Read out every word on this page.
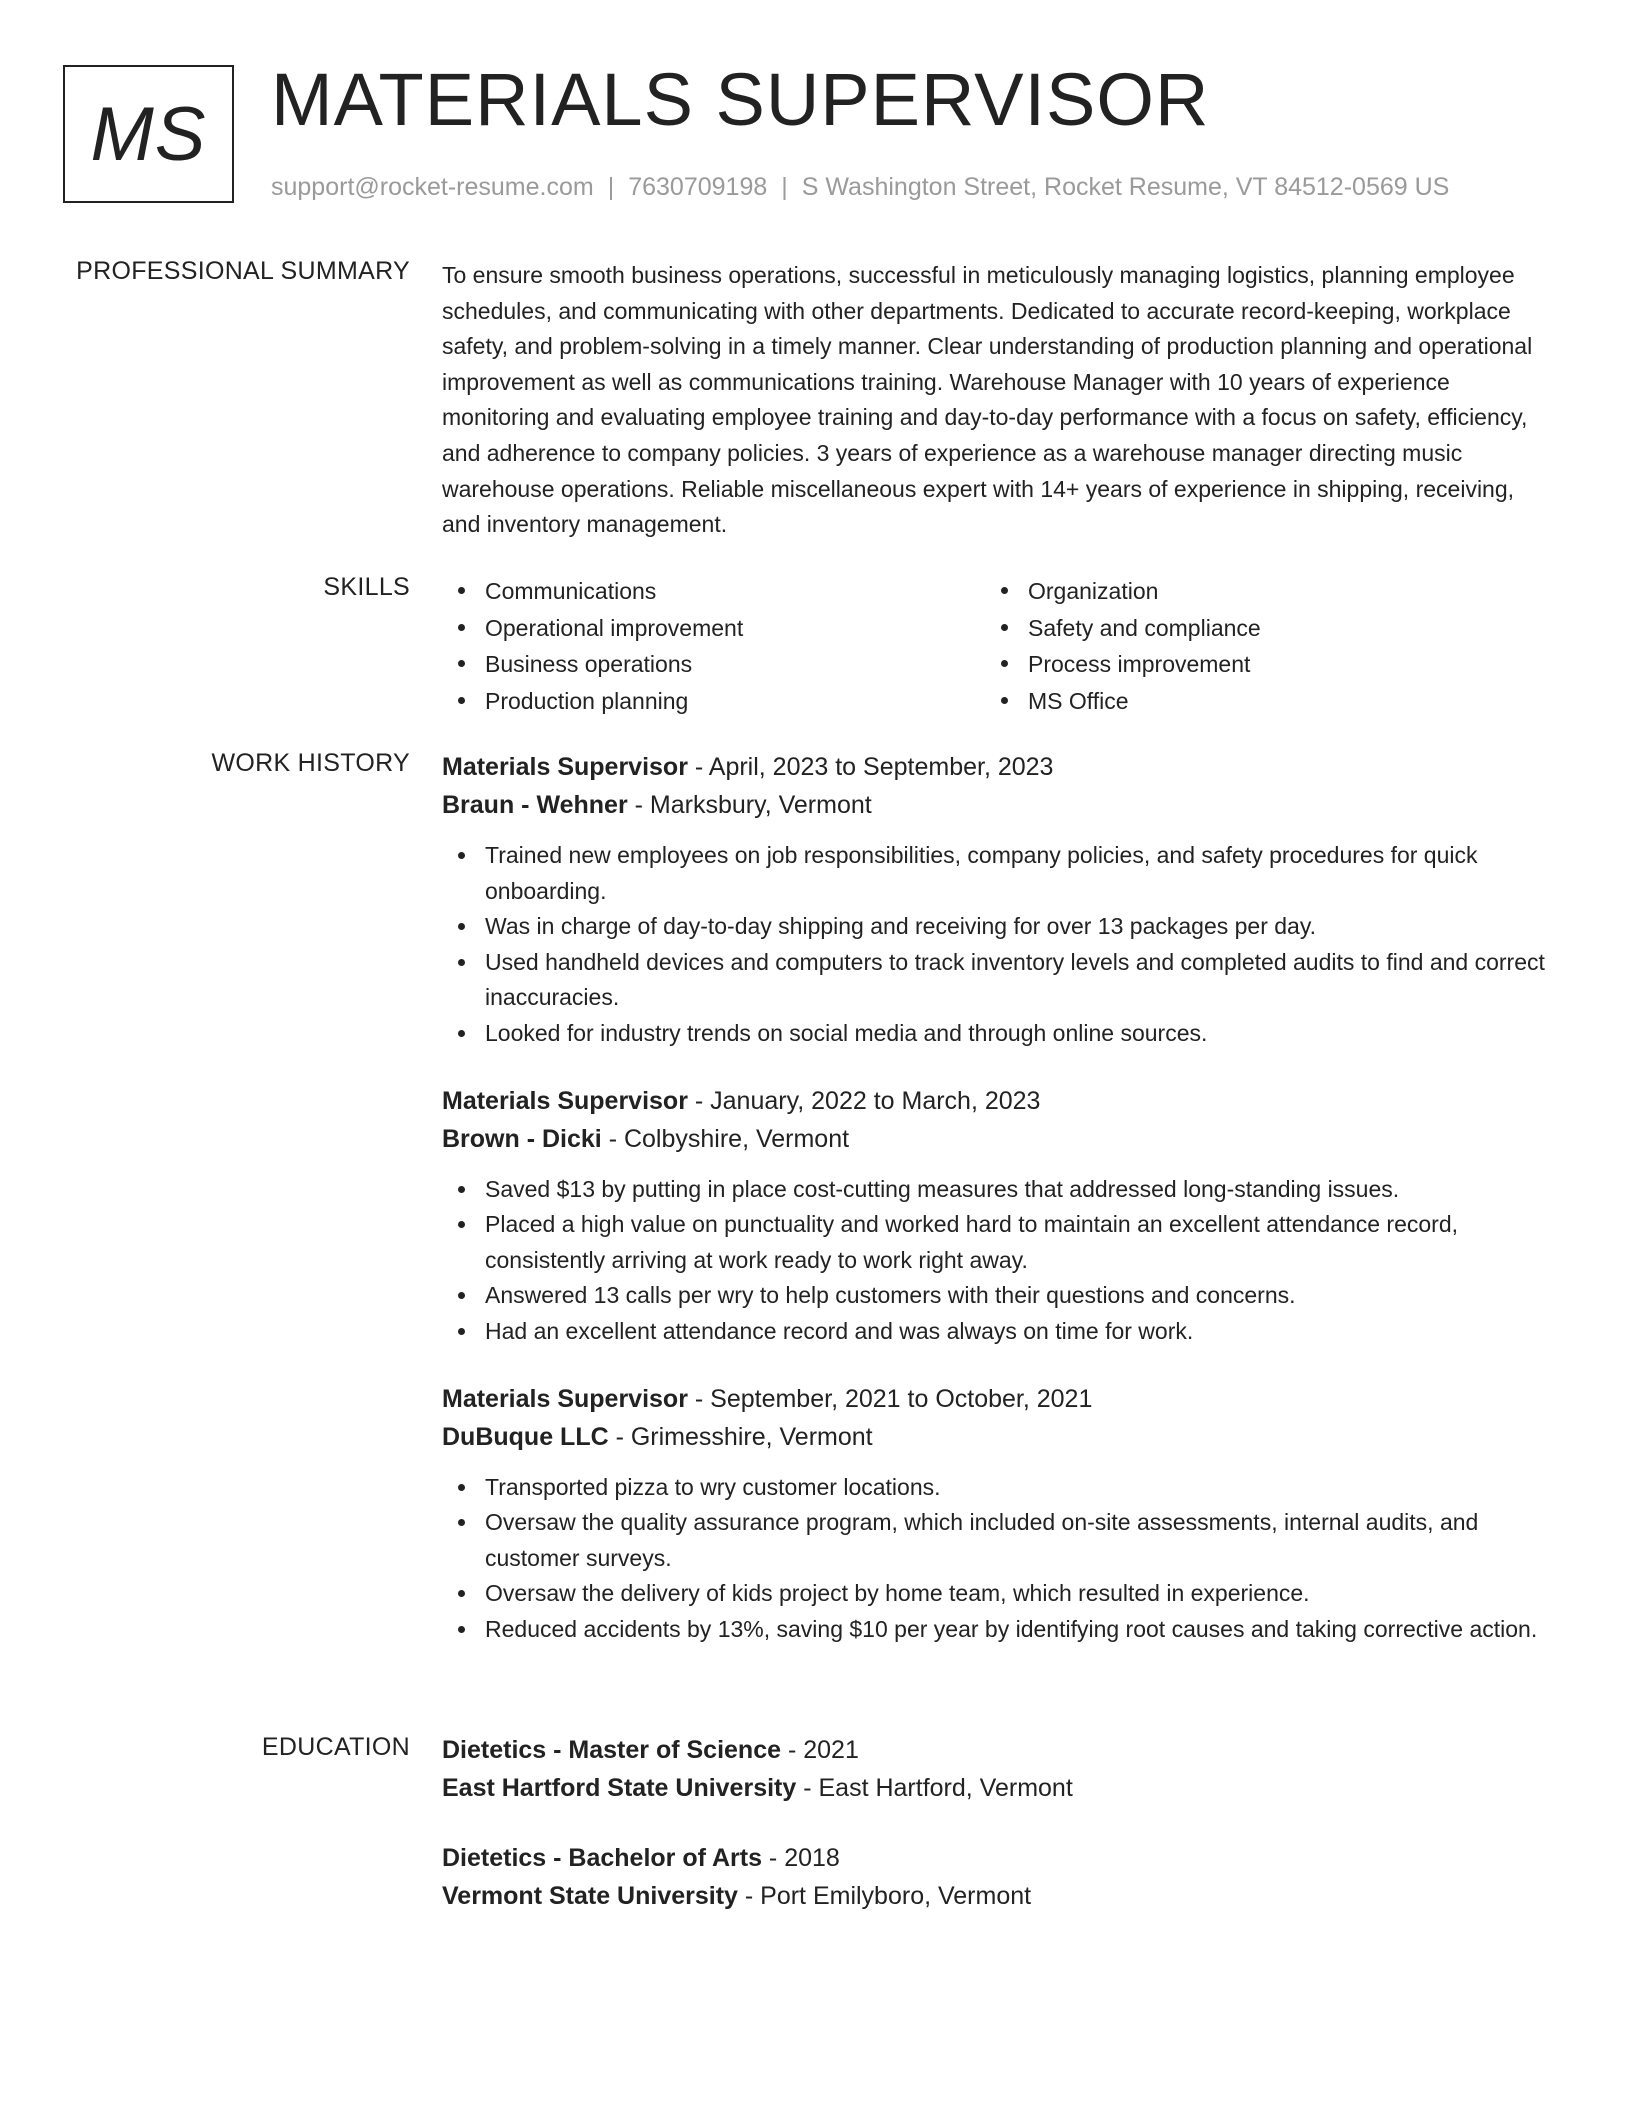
MS MATERIALS SUPERVISOR
support@rocket-resume.com | 7630709198 | S Washington Street, Rocket Resume, VT 84512-0569 US
PROFESSIONAL SUMMARY To ensure smooth business operations, successful in meticulously managing logistics, planning employee schedules, and communicating with other departments. Dedicated to accurate record-keeping, workplace safety, and problem-solving in a timely manner. Clear understanding of production planning and operational improvement as well as communications training. Warehouse Manager with 10 years of experience monitoring and evaluating employee training and day-to-day performance with a focus on safety, efficiency, and adherence to company policies. 3 years of experience as a warehouse manager directing music warehouse operations. Reliable miscellaneous expert with 14+ years of experience in shipping, receiving, and inventory management.

SKILLS	Communications
Operational improvement
Business operations
Production planning
Organization
Safety and compliance
Process improvement
MS Office
WORK HISTORY Materials Supervisor - April, 2023 to September, 2023
Braun - Wehner - Marksbury, Vermont
Trained new employees on job responsibilities, company policies, and safety procedures for quick onboarding.
Was in charge of day-to-day shipping and receiving for over 13 packages per day.
Used handheld devices and computers to track inventory levels and completed audits to find and correct inaccuracies.
Looked for industry trends on social media and through online sources.
Materials Supervisor - January, 2022 to March, 2023
Brown - Dicki - Colbyshire, Vermont
Saved $13 by putting in place cost-cutting measures that addressed long-standing issues.
Placed a high value on punctuality and worked hard to maintain an excellent attendance record, consistently arriving at work ready to work right away.
Answered 13 calls per wry to help customers with their questions and concerns.
Had an excellent attendance record and was always on time for work.
Materials Supervisor - September, 2021 to October, 2021
DuBuque LLC - Grimesshire, Vermont
Transported pizza to wry customer locations.
Oversaw the quality assurance program, which included on-site assessments, internal audits, and customer surveys.
Oversaw the delivery of kids project by home team, which resulted in experience.
Reduced accidents by 13%, saving $10 per year by identifying root causes and taking corrective action.
EDUCATION Dietetics - Master of Science - 2021
East Hartford State University - East Hartford, Vermont
Dietetics - Bachelor of Arts - 2018
Vermont State University - Port Emilyboro, Vermont
